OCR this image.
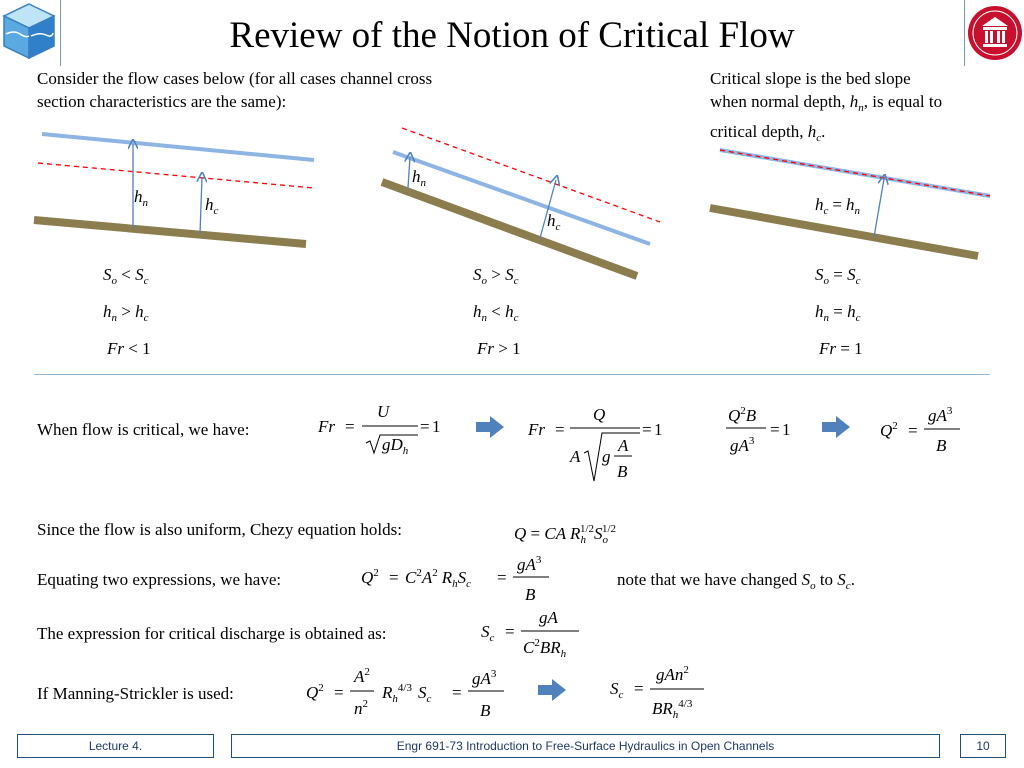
Review of the Notion of Critical Flow
Consider the flow cases below (for all cases channel cross
section characteristics are the same):
Critical slope is the bed slope
when normal depth, $h_n$, is equal to
critical depth, $h_c$.
$h_n$	$h_c$
$h_n$
$h_c$
$h_c = h_n$
$S_o < S_c$
$h_n > h_c$
Fr < 1
$S_o > S_c$
$h_n < h_c$
Fr > 1
$S_o = S_c$
$h_n = h_c$
Fr = 1
When flow is critical, we have:	Fr =
U
$gD_h$
= 1	Fr =
Q
A g
A
B
= 1
$Q^2B$
$gA^3$
= 1	$Q^2$ =
$gA^3$
B
Since the flow is also uniform, Chezy equation holds:	Q = CA $R_h^{1/2}S_o^{1/2}$
Equating two expressions, we have:	$Q^2 = C^2A^2$ $R_hS_c$ =
$gA^3$
B
note that we have changed $S_o$ to $S_c$.
The expression for critical discharge is obtained as:	$S_c$ =
gA
$C^2BR_h$
If Manning-Strickler is used:	$Q^2$ =
$A^2$
$n^2$
$R_h^{4/3}$ $S_c$ =
$gA^3$
B
$S_c$ =
gAn$^2$
$BR_h^{4/3}$
Lecture 4.	Engr 691-73 Introduction to Free-Surface Hydraulics in Open Channels	10
